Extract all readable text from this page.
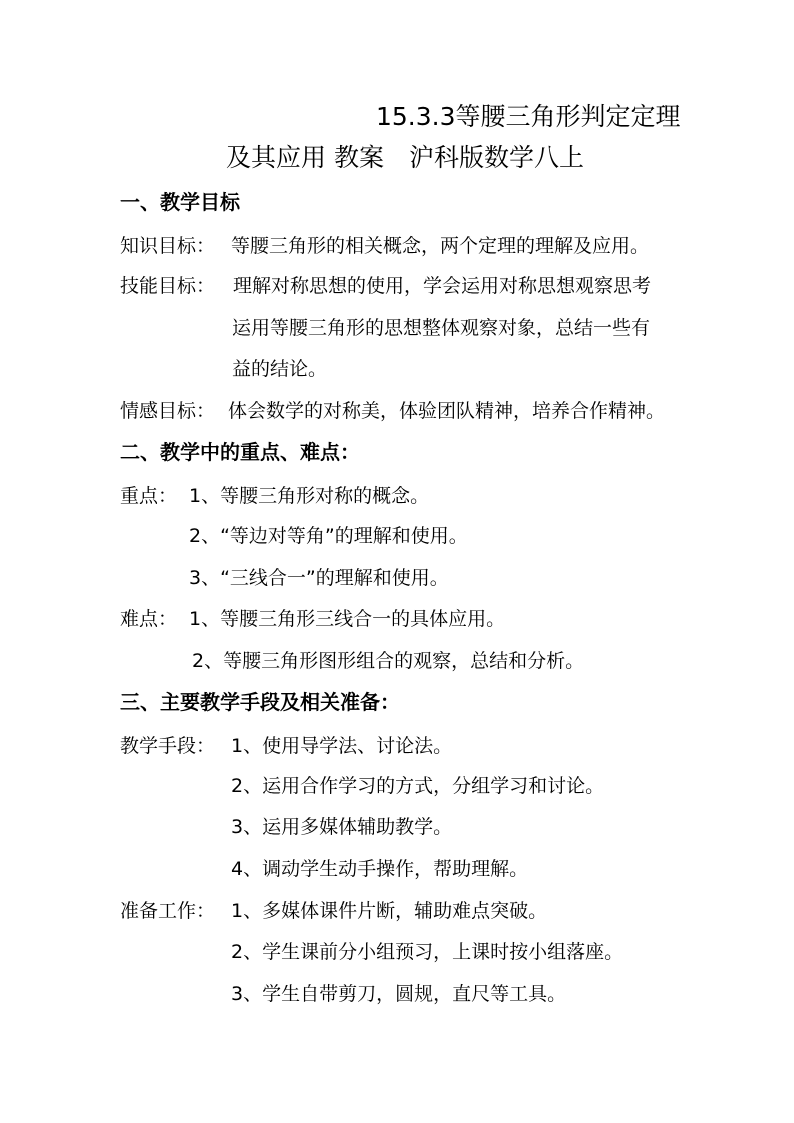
15.3.3等腰三角形判定定理
及其应用 教案　沪科版数学八上
一、教学目标
知识目标： 等腰三角形的相关概念，两个定理的理解及应用。
技能目标： 理解对称思想的使用，学会运用对称思想观察思考
运用等腰三角形的思想整体观察对象，总结一些有
益的结论。
情感目标： 体会数学的对称美，体验团队精神，培养合作精神。
二、教学中的重点、难点：
重点： 1、等腰三角形对称的概念。
2、“等边对等角”的理解和使用。
3、“三线合一”的理解和使用。
难点： 1、等腰三角形三线合一的具体应用。
2、等腰三角形图形组合的观察，总结和分析。
三、主要教学手段及相关准备：
教学手段： 1、使用导学法、讨论法。
2、运用合作学习的方式，分组学习和讨论。
3、运用多媒体辅助教学。
4、调动学生动手操作，帮助理解。
准备工作： 1、多媒体课件片断，辅助难点突破。
2、学生课前分小组预习，上课时按小组落座。
3、学生自带剪刀，圆规，直尺等工具。
